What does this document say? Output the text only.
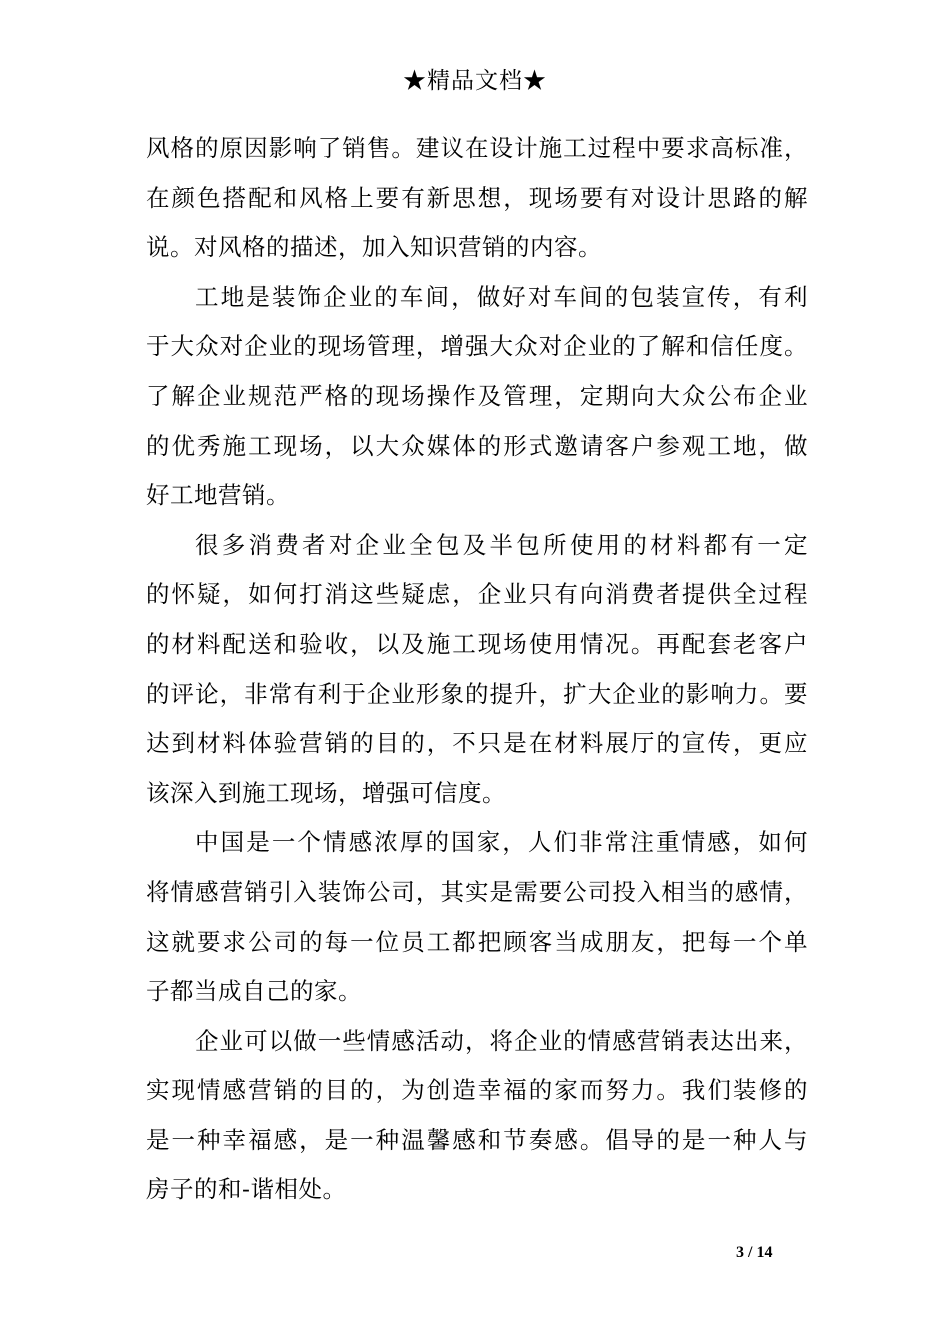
★精品文档★

风格的原因影响了销售。建议在设计施工过程中要求高标准，
在颜色搭配和风格上要有新思想，现场要有对设计思路的解
说。对风格的描述，加入知识营销的内容。

工地是装饰企业的车间，做好对车间的包装宣传，有利
于大众对企业的现场管理，增强大众对企业的了解和信任度。
了解企业规范严格的现场操作及管理，定期向大众公布企业
的优秀施工现场，以大众媒体的形式邀请客户参观工地，做
好工地营销。

很多消费者对企业全包及半包所使用的材料都有一定
的怀疑，如何打消这些疑虑，企业只有向消费者提供全过程
的材料配送和验收，以及施工现场使用情况。再配套老客户
的评论，非常有利于企业形象的提升，扩大企业的影响力。要
达到材料体验营销的目的，不只是在材料展厅的宣传，更应
该深入到施工现场，增强可信度。

中国是一个情感浓厚的国家，人们非常注重情感，如何
将情感营销引入装饰公司，其实是需要公司投入相当的感情，
这就要求公司的每一位员工都把顾客当成朋友，把每一个单
子都当成自己的家。

企业可以做一些情感活动，将企业的情感营销表达出来，
实现情感营销的目的，为创造幸福的家而努力。我们装修的
是一种幸福感，是一种温馨感和节奏感。倡导的是一种人与
房子的和-谐相处。

3 / 14
